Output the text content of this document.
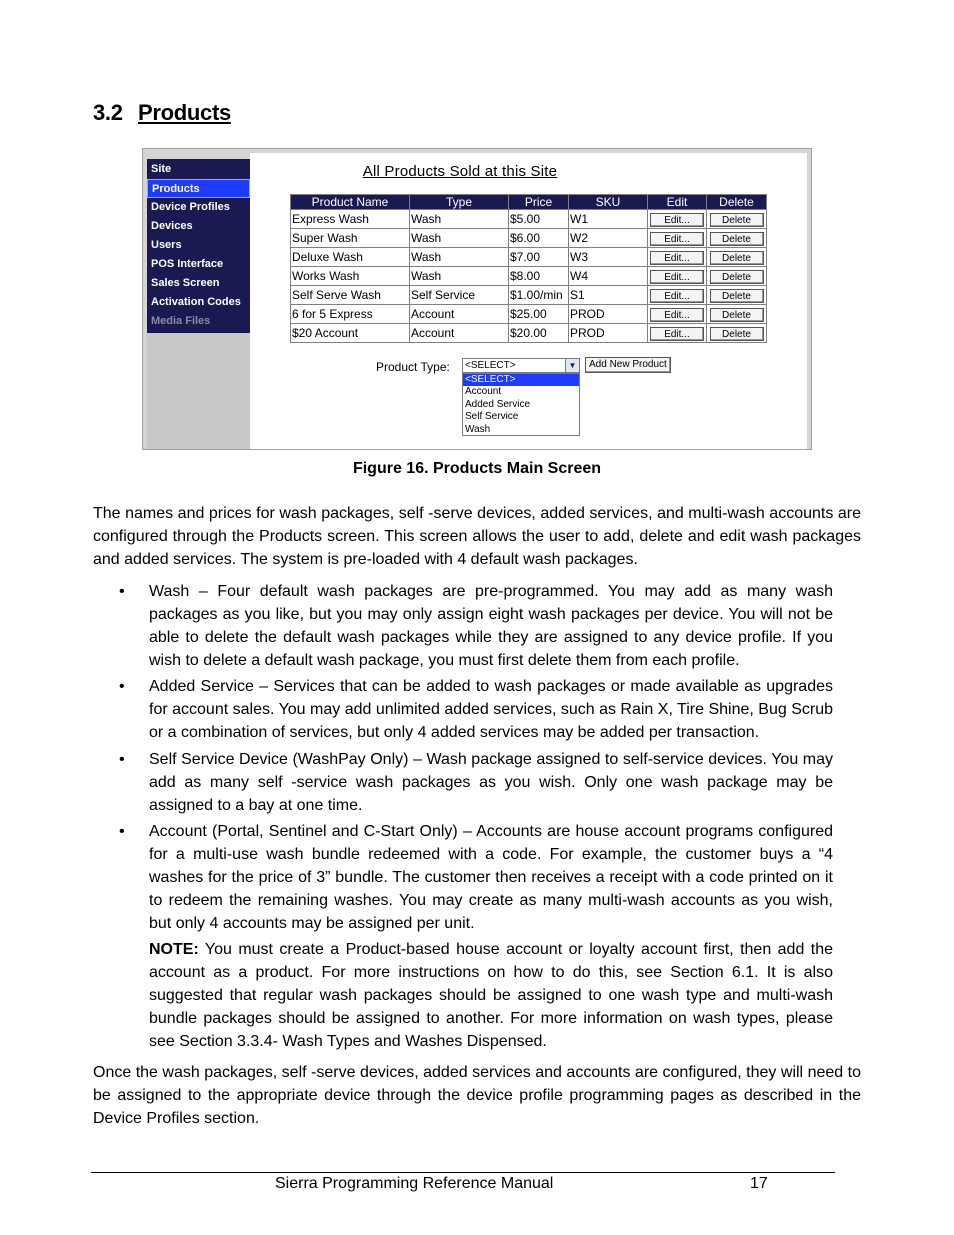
3.2 Products
Site
Products
Device Profiles
Devices
Users
POS Interface
Sales Screen
Activation Codes
Media Files
All Products Sold at this Site
Product Name	Type	Price	SKU	Edit	Delete
Express Wash	Wash	$5.00	W1	Edit...	Delete
Super Wash	Wash	$6.00	W2	Edit...	Delete
Deluxe Wash	Wash	$7.00	W3	Edit...	Delete
Works Wash	Wash	$8.00	W4	Edit...	Delete
Self Serve Wash	Self Service	$1.00/min	S1	Edit...	Delete
6 for 5 Express	Account	$25.00	PROD	Edit...	Delete
$20 Account	Account	$20.00	PROD	Edit...	Delete
Product Type:	<SELECT>	▼	Add New Product
<SELECT>
Account
Added Service
Self Service
Wash
Figure 16. Products Main Screen
The names and prices for wash packages, self -serve devices, added services, and multi-wash accounts are configured through the Products screen. This screen allows the user to add, delete and edit wash packages and added services. The system is pre-loaded with 4 default wash packages.
•	Wash – Four default wash packages are pre-programmed. You may add as many wash packages as you like, but you may only assign eight wash packages per device. You will not be able to delete the default wash packages while they are assigned to any device profile. If you wish to delete a default wash package, you must first delete them from each profile.
•	Added Service – Services that can be added to wash packages or made available as upgrades for account sales. You may add unlimited added services, such as Rain X, Tire Shine, Bug Scrub or a combination of services, but only 4 added services may be added per transaction.
•	Self Service Device (WashPay Only) – Wash package assigned to self-service devices. You may add as many self -service wash packages as you wish. Only one wash package may be assigned to a bay at one time.
•	Account (Portal, Sentinel and C-Start Only) – Accounts are house account programs configured for a multi-use wash bundle redeemed with a code. For example, the customer buys a “4 washes for the price of 3” bundle. The customer then receives a receipt with a code printed on it to redeem the remaining washes. You may create as many multi-wash accounts as you wish, but only 4 accounts may be assigned per unit.
NOTE: You must create a Product-based house account or loyalty account first, then add the account as a product. For more instructions on how to do this, see Section 6.1. It is also suggested that regular wash packages should be assigned to one wash type and multi-wash bundle packages should be assigned to another. For more information on wash types, please see Section 3.3.4- Wash Types and Washes Dispensed.
Once the wash packages, self -serve devices, added services and accounts are configured, they will need to be assigned to the appropriate device through the device profile programming pages as described in the Device Profiles section.
Sierra Programming Reference Manual	17
